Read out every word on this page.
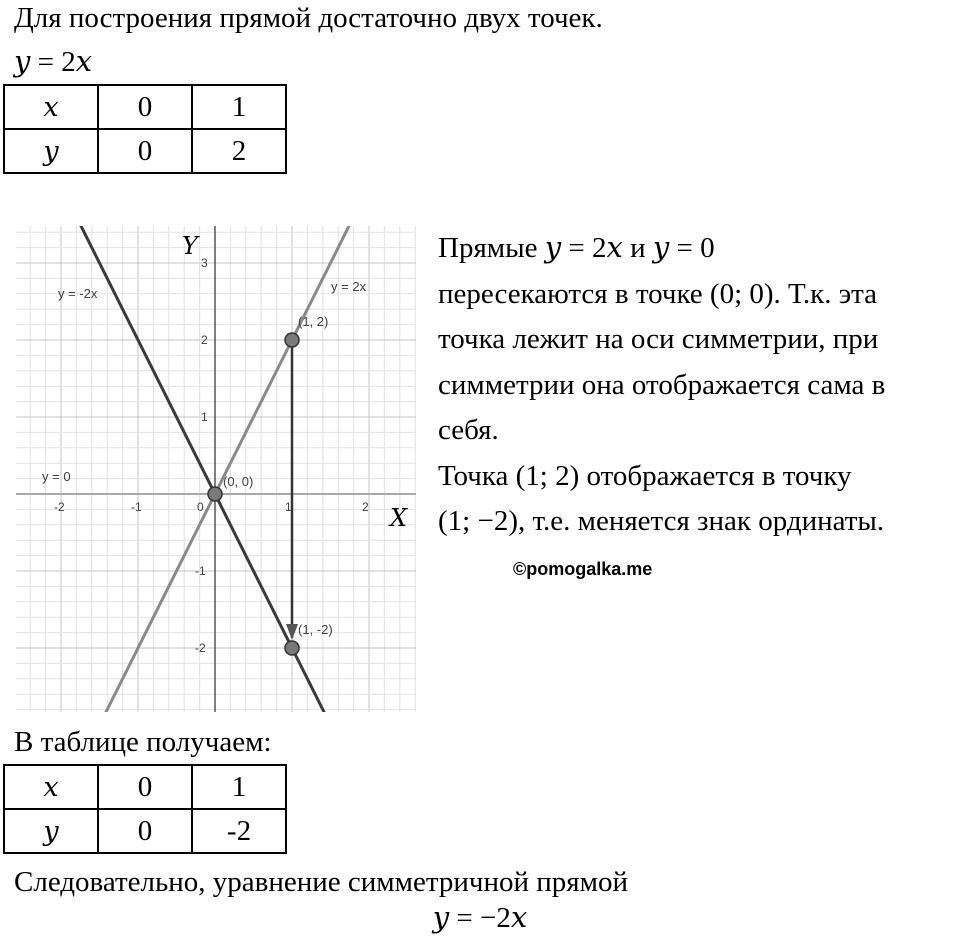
Для построения прямой достаточно двух точек.
𝑦 = 2𝑥
𝑥	0	1
𝑦	0	2
-2	-1	0	1	2
-2
-1
1
2
3
X
Y
y = 2x
y = -2x
y = 0	(0, 0)
(1, 2)
(1, -2)

Прямые 𝑦 = 2𝑥 и 𝑦 = 0

пересекаются в точке (0; 0). Т.к. эта

точка лежит на оси симметрии, при

симметрии она отображается сама в

себя.

Точка (1; 2) отображается в точку

(1; −2), т.е. меняется знак ординаты.

©pomogalka.me
В таблице получаем:
𝑥	0	1
𝑦	0	-2
Следовательно, уравнение симметричной прямой
𝑦 = −2𝑥
